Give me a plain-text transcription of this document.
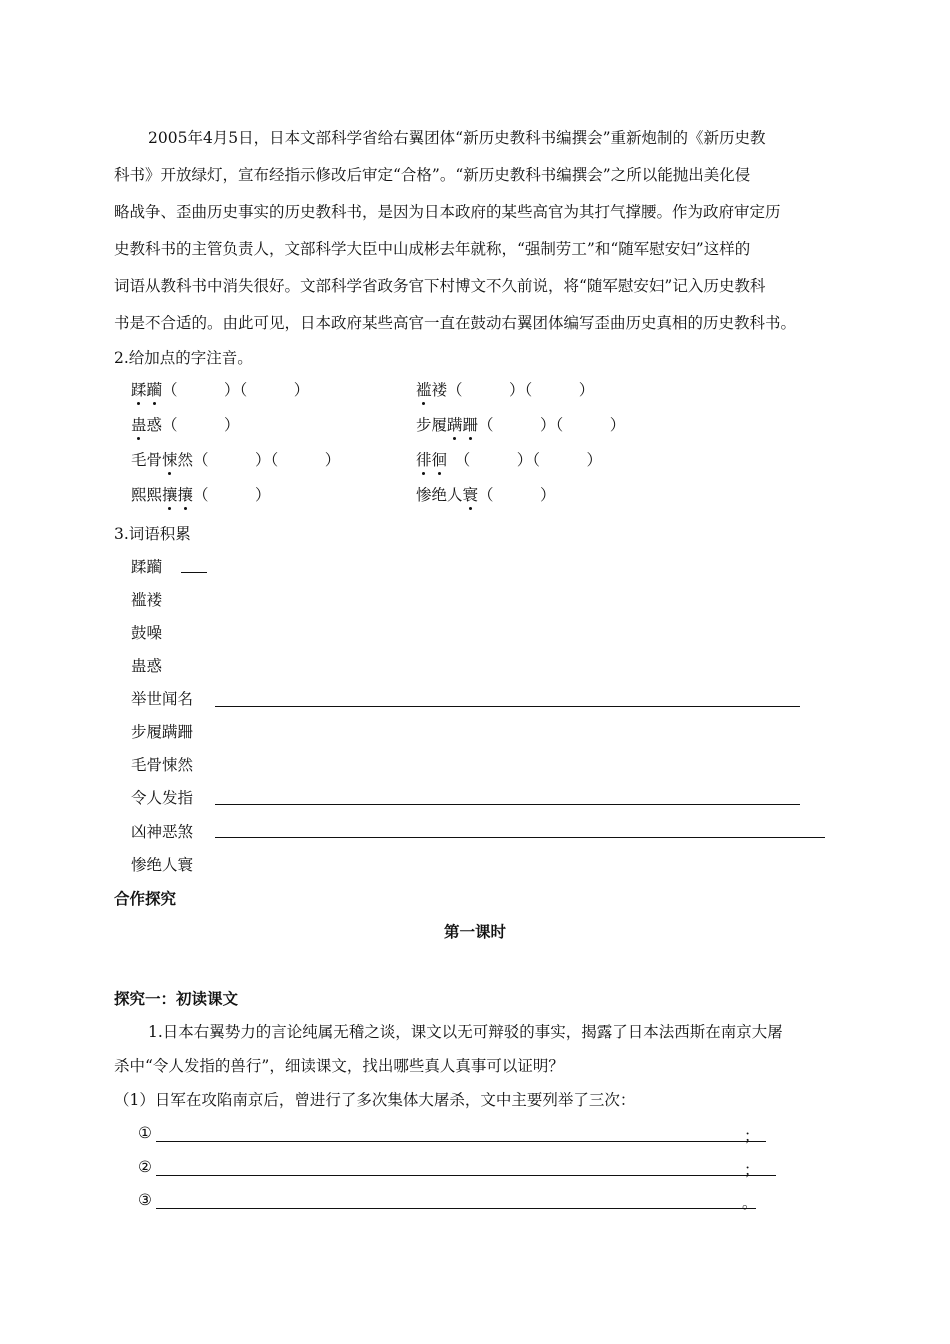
2005年4月5日，日本文部科学省给右翼团体“新历史教科书编撰会”重新炮制的《新历史教
科书》开放绿灯，宣布经指示修改后审定“合格”。“新历史教科书编撰会”之所以能抛出美化侵
略战争、歪曲历史事实的历史教科书，是因为日本政府的某些高官为其打气撑腰。作为政府审定历
史教科书的主管负责人，文部科学大臣中山成彬去年就称，“强制劳工”和“随军慰安妇”这样的
词语从教科书中消失很好。文部科学省政务官下村博文不久前说，将“随军慰安妇”记入历史教科
书是不合适的。由此可见，日本政府某些高官一直在鼓动右翼团体编写歪曲历史真相的历史教科书。
2.给加点的字注音。
蹂躏（　　　）（　　　）	褴褛（　　　）（　　　）
蛊惑（　　　）	步履蹒跚（　　　）（　　　）
毛骨悚然（　　　）（　　　）	徘徊　（　　　）（　　　）
熙熙攘攘（　　　）	惨绝人寰（　　　）
3.词语积累
蹂躏
褴褛
鼓噪
蛊惑
举世闻名
步履蹒跚
毛骨悚然
令人发指
凶神恶煞
惨绝人寰
合作探究
第一课时
探究一：初读课文
1.日本右翼势力的言论纯属无稽之谈，课文以无可辩驳的事实，揭露了日本法西斯在南京大屠
杀中“令人发指的兽行”，细读课文，找出哪些真人真事可以证明？
（1）日军在攻陷南京后，曾进行了多次集体大屠杀，文中主要列举了三次：
①	；
②	；
③	。
